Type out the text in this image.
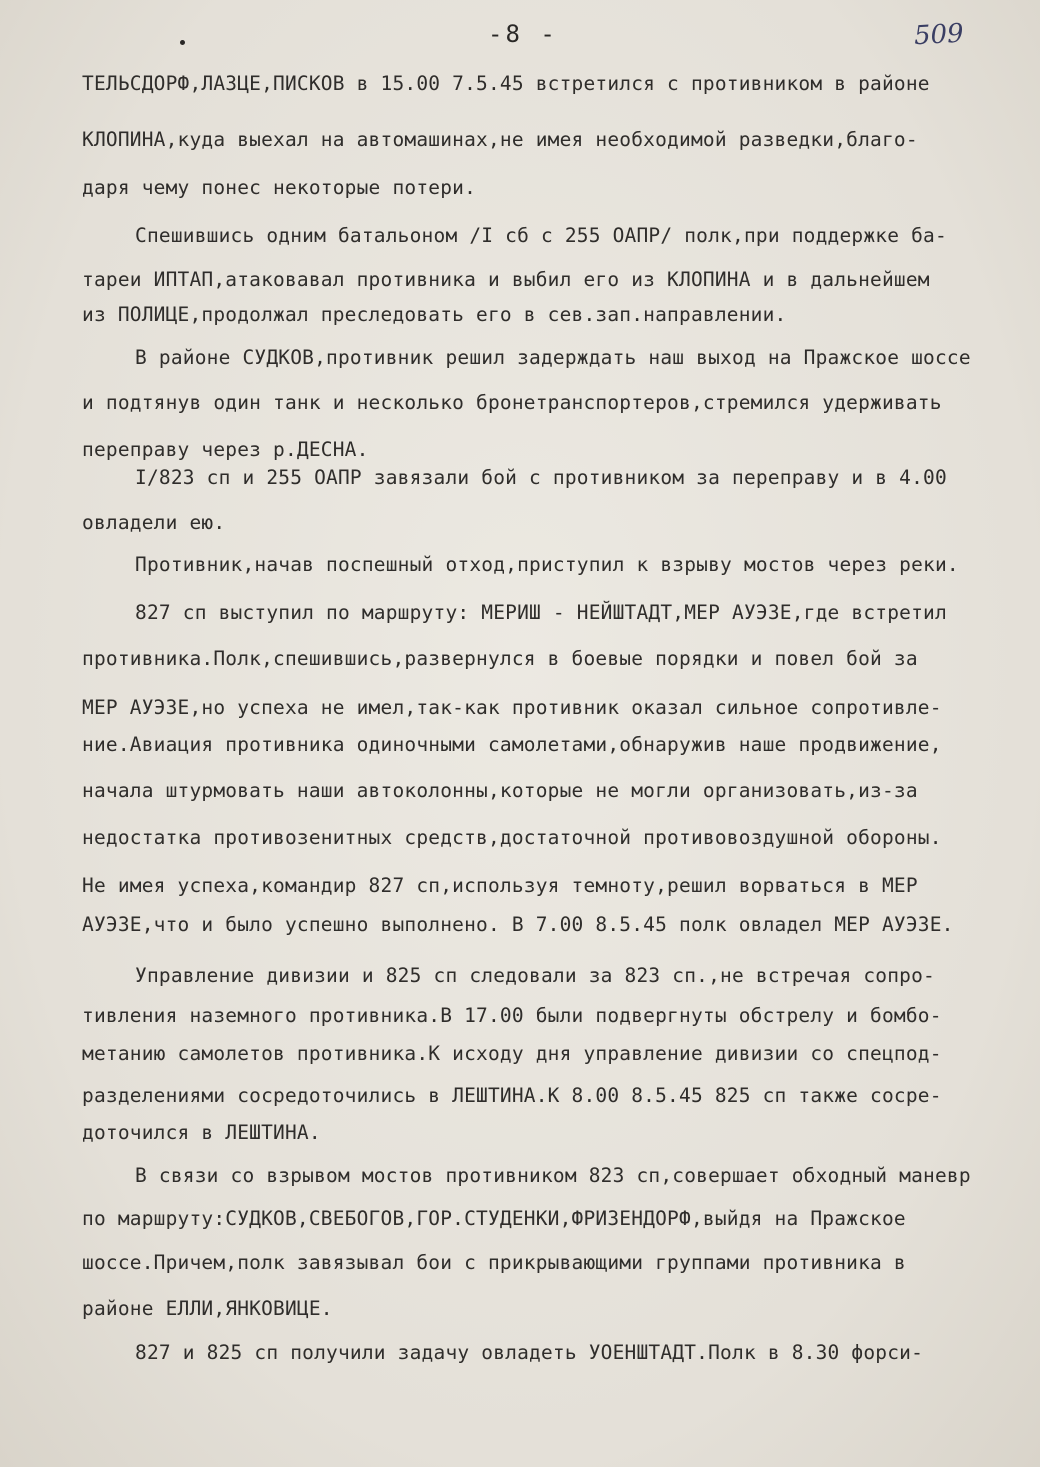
-8 -	509
ТЕЛЬСДОРФ,ЛАЗЦЕ,ПИСКОВ в 15.00 7.5.45 встретился с противником в районе
КЛОПИНА,куда выехал на автомашинах,не имея необходимой разведки,благо-
даря чему понес некоторые потери.
Спешившись одним батальоном /I сб с 255 ОАПР/ полк,при поддержке ба-
тареи ИПТАП,атаковавал противника и выбил его из КЛОПИНА и в дальнейшем
из ПОЛИЦЕ,продолжал преследовать его в сев.зап.направлении.
В районе СУДКОВ,противник решил задерждать наш выход на Пражское шоссе
и подтянув один танк и несколько бронетранспортеров,стремился удерживать
переправу через р.ДЕСНА.
I/823 сп и 255 ОАПР завязали бой с противником за переправу и в 4.00
овладели ею.
Противник,начав поспешный отход,приступил к взрыву мостов через реки.
827 сп выступил по маршруту: МЕРИШ - НЕЙШТАДТ,МЕР АУЭЗЕ,где встретил
противника.Полк,спешившись,развернулся в боевые порядки и повел бой за
МЕР АУЭЗЕ,но успеха не имел,так-как противник оказал сильное сопротивле-
ние.Авиация противника одиночными самолетами,обнаружив наше продвижение,
начала штурмовать наши автоколонны,которые не могли организовать,из-за
недостатка противозенитных средств,достаточной противовоздушной обороны.
Не имея успеха,командир 827 сп,используя темноту,решил ворваться в МЕР
АУЭЗЕ,что и было успешно выполнено. В 7.00 8.5.45 полк овладел МЕР АУЭЗЕ.
Управление дивизии и 825 сп следовали за 823 сп.,не встречая сопро-
тивления наземного противника.В 17.00 были подвергнуты обстрелу и бомбо-
метанию самолетов противника.К исходу дня управление дивизии со спецпод-
разделениями сосредоточились в ЛЕШТИНА.К 8.00 8.5.45 825 сп также сосре-
доточился в ЛЕШТИНА.
В связи со взрывом мостов противником 823 сп,совершает обходный маневр
по маршруту:СУДКОВ,СВЕБОГОВ,ГОР.СТУДЕНКИ,ФРИЗЕНДОРФ,выйдя на Пражское
шоссе.Причем,полк завязывал бои с прикрывающими группами противника в
районе ЕЛЛИ,ЯНКОВИЦЕ.
827 и 825 сп получили задачу овладеть УОЕНШТАДТ.Полк в 8.30 форси-
